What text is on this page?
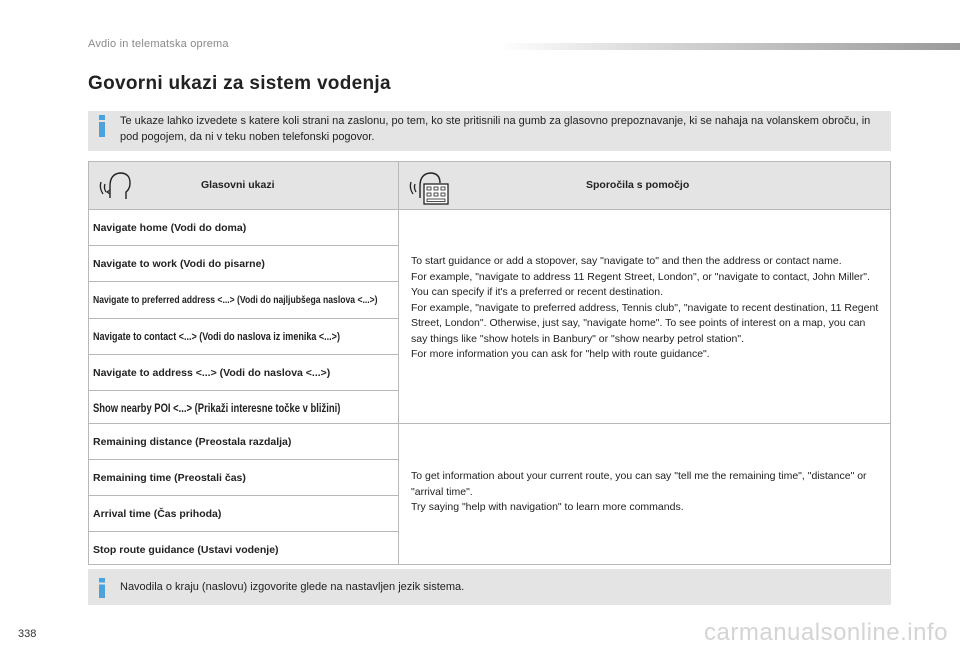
Avdio in telematska oprema
Govorni ukazi za sistem vodenja
Te ukaze lahko izvedete s katere koli strani na zaslonu, po tem, ko ste pritisnili na gumb za glasovno prepoznavanje, ki se nahaja na volanskem obroču, in pod pogojem, da ni v teku noben telefonski pogovor.
Glasovni ukazi	Sporočila s pomočjo
Navigate home (Vodi do doma)
Navigate to work (Vodi do pisarne)
Navigate to preferred address <...> (Vodi do najljubšega naslova <...>)
Navigate to contact <...> (Vodi do naslova iz imenika <...>)
Navigate to address <...> (Vodi do naslova <...>)
Show nearby POI <...> (Prikaži interesne točke v bližini)
Remaining distance (Preostala razdalja)
Remaining time (Preostali čas)
Arrival time (Čas prihoda)
Stop route guidance (Ustavi vodenje)

To start guidance or add a stopover, say "navigate to" and then the address or contact name.

For example, "navigate to address 11 Regent Street, London", or "navigate to contact, John Miller". You can specify if it's a preferred or recent destination.

For example, "navigate to preferred address, Tennis club", "navigate to recent destination, 11 Regent Street, London". Otherwise, just say, "navigate home". To see points of interest on a map, you can say things like "show hotels in Banbury" or "show nearby petrol station".

For more information you can ask for "help with route guidance".

To get information about your current route, you can say "tell me the remaining time", "distance" or "arrival time".

Try saying "help with navigation" to learn more commands.

Navodila o kraju (naslovu) izgovorite glede na nastavljen jezik sistema.
338	carmanualsonline.info
